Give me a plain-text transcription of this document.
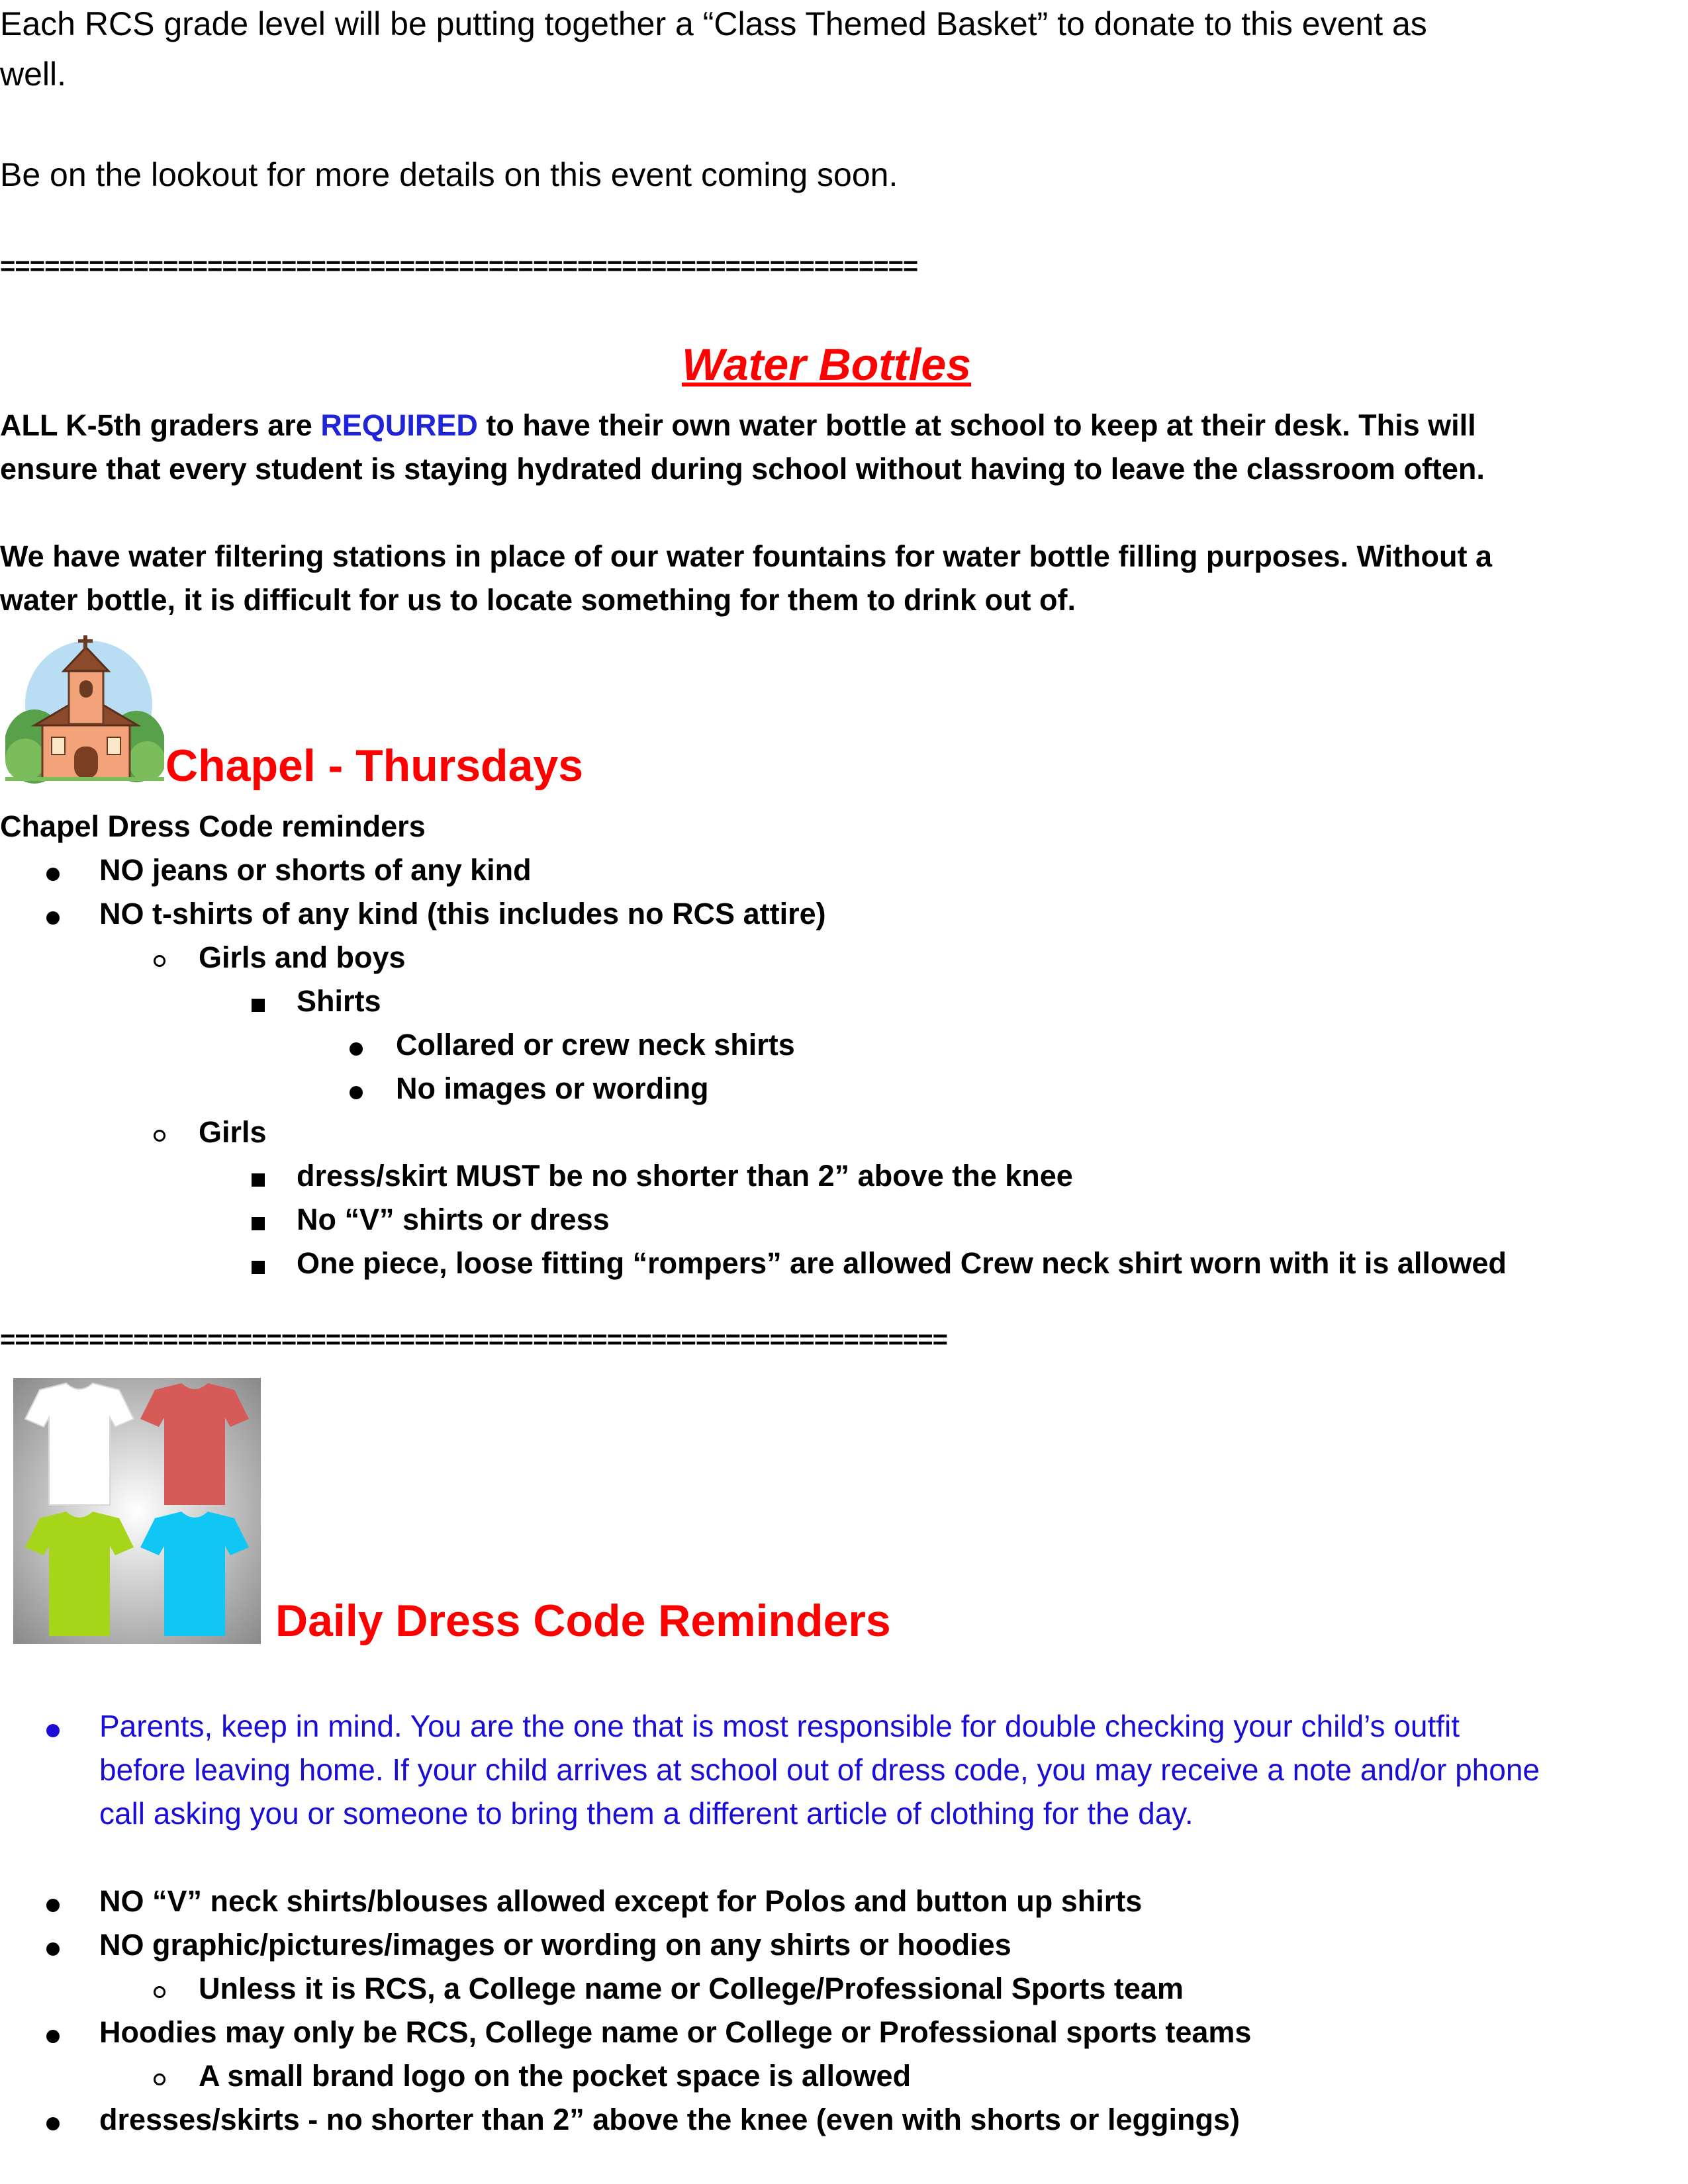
Each RCS grade level will be putting together a “Class Themed Basket” to donate to this event as
well.
Be on the lookout for more details on this event coming soon.
==============================================================
Water Bottles
ALL K-5th graders are REQUIRED to have their own water bottle at school to keep at their desk. This will
ensure that every student is staying hydrated during school without having to leave the classroom often.
We have water filtering stations in place of our water fountains for water bottle filling purposes. Without a
water bottle, it is difficult for us to locate something for them to drink out of.
Chapel - Thursdays
Chapel Dress Code reminders
NO jeans or shorts of any kind
NO t-shirts of any kind (this includes no RCS attire)
Girls and boys
Shirts
Collared or crew neck shirts
No images or wording
Girls
dress/skirt MUST be no shorter than 2” above the knee
No “V” shirts or dress
One piece, loose fitting “rompers” are allowed Crew neck shirt worn with it is allowed
================================================================
Daily Dress Code Reminders
Parents, keep in mind. You are the one that is most responsible for double checking your child’s outfit
before leaving home. If your child arrives at school out of dress code, you may receive a note and/or phone
call asking you or someone to bring them a different article of clothing for the day.
NO “V” neck shirts/blouses allowed except for Polos and button up shirts
NO graphic/pictures/images or wording on any shirts or hoodies
Unless it is RCS, a College name or College/Professional Sports team
Hoodies may only be RCS, College name or College or Professional sports teams
A small brand logo on the pocket space is allowed
dresses/skirts - no shorter than 2” above the knee (even with shorts or leggings)
